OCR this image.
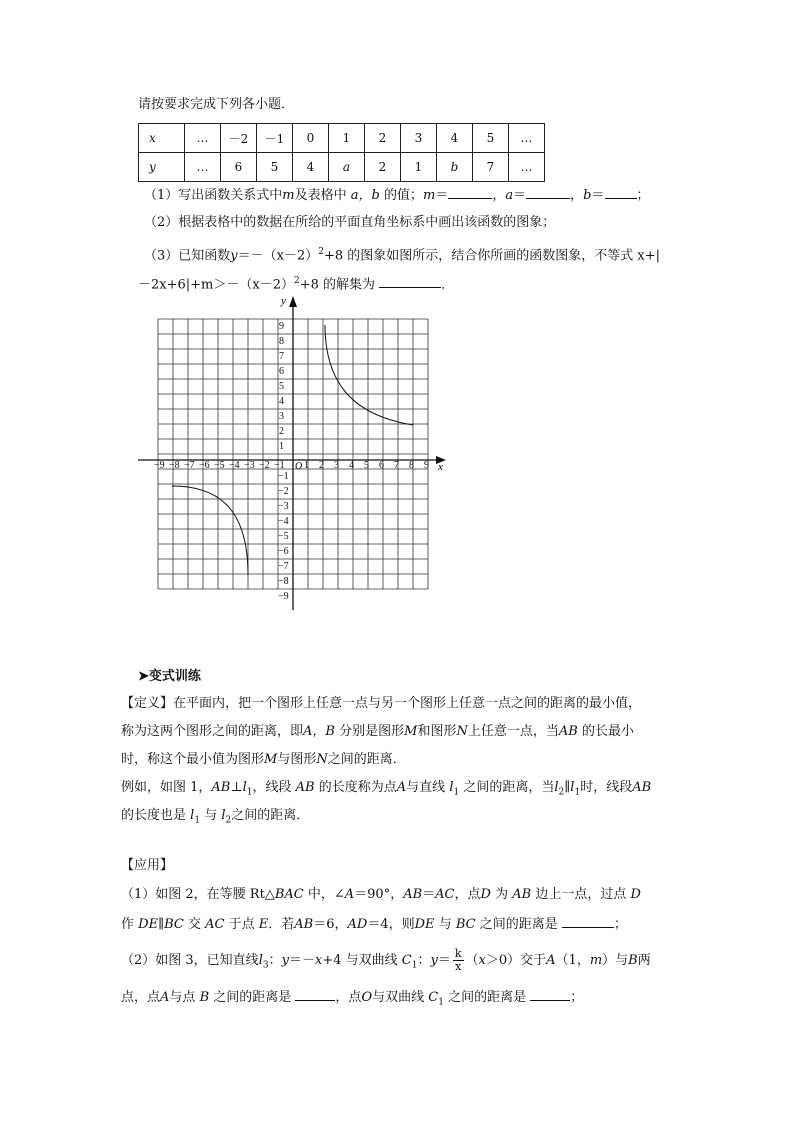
请按要求完成下列各小题．
x	…	－2	－1	0	1	2	3	4	5	…
y	…	6	5	4	a	2	1	b	7	…
（1）写出函数关系式中m及表格中 a，b 的值；m＝	，a＝	，b＝ ；
（2）根据表格中的数据在所给的平面直角坐标系中画出该函数的图象；
（3）已知函数$y=-(x-2)^2+8$ 的图象如图所示，结合你所画的函数图象，不等式 x+|
$-2x+6|+m>-(x-2)^2+8$ 的解集为	．
y
x
O
−9 −8 −7 −6 −5 −4 −3 −2 −1 1 2 3 4 5 6 7 8 9
9
8
7
6
5
4
3
2
1
−1
−2
−3
−4
−5
−6
−7
−8
−9
➤变式训练
【定义】在平面内，把一个图形上任意一点与另一个图形上任意一点之间的距离的最小值，
称为这两个图形之间的距离，即A，B 分别是图形M和图形N上任意一点，当AB 的长最小
时，称这个最小值为图形M与图形N之间的距离．
例如，如图 1，$AB\perp l_1$，线段 AB 的长度称为点A与直线 $l_1$ 之间的距离，当$l_2\parallel l_1$时，线段AB
的长度也是 $l_1$ 与 $l_2$之间的距离．
【应用】
（1）如图 2，在等腰 Rt△BAC 中，∠A＝90°，AB＝AC，点D 为 AB 边上一点，过点 D
作 DE∥BC 交 AC 于点 E．若AB＝6，AD＝4，则DE 与 BC 之间的距离是	；
（2）如图 3，已知直线$l_3$：y＝－x+4 与双曲线 $C_1$：$y= \frac{k}{x} (x>0)$交于A（1，m）与B两
点，点A与点 B 之间的距离是	，点O与双曲线 $C_1$ 之间的距离是	；
